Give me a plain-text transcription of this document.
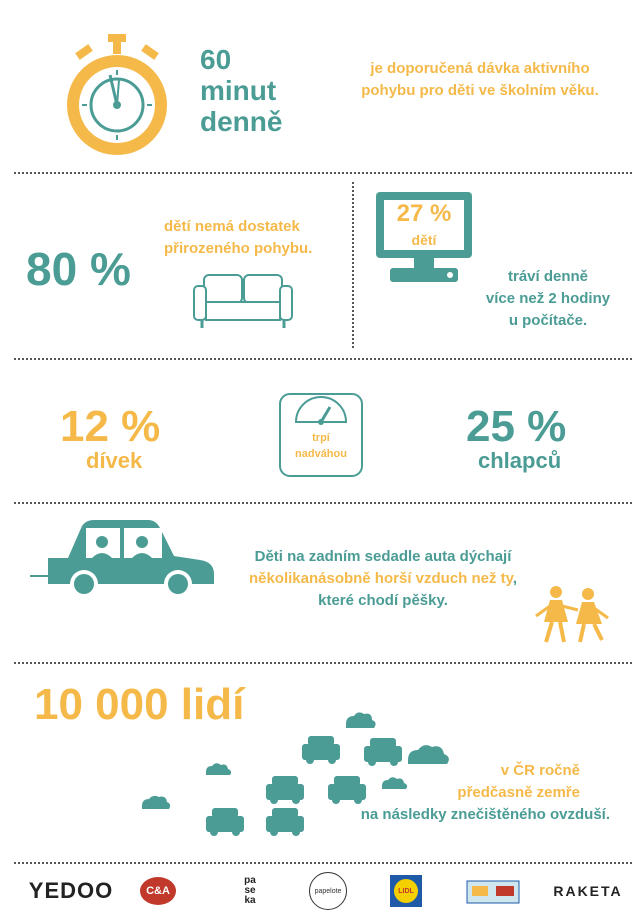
60
minut
denně
je doporučená dávka aktivního
pohybu pro děti ve školním věku.
80 %
dětí nemá dostatek
přirozeného pohybu.
27 %
dětí
tráví denně
více než 2 hodiny
u počítače.
12 %
dívek
trpí
nadváhou
25 %
chlapců
Děti na zadním sedadle auta dýchají
několikanásobně horší vzduch než ty,
které chodí pěšky.
10 000 lidí
v ČR ročně
předčasně zemře
na následky znečištěného ovzduší.
YEDOO	C&A
pa
se
ka
papelote	LIDL	RAKETA
